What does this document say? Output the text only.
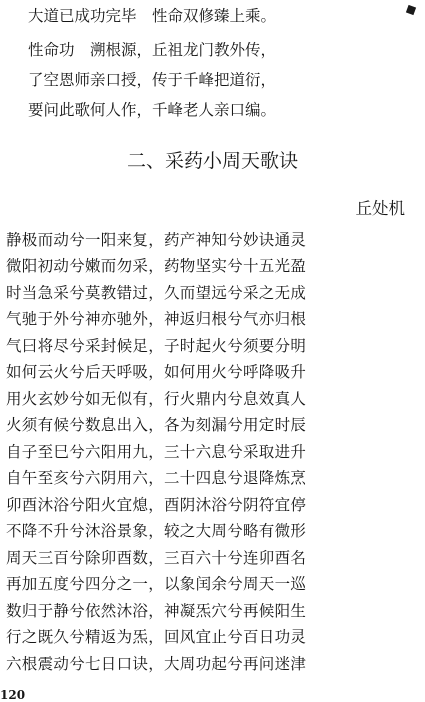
大道已成功完毕　性命双修臻上乘。
性命功　溯根源，丘祖龙门教外传，
了空恩师亲口授，传于千峰把道衍，
要问此歌何人作，千峰老人亲口编。
二、采药小周天歌诀
丘处机
静极而动兮一阳来复，药产神知兮妙诀通灵
微阳初动兮嫩而勿采，药物坚实兮十五光盈
时当急采兮莫教错过，久而望远兮采之无成
气驰于外兮神亦驰外，神返归根兮气亦归根
气曰将尽兮采封候足，子时起火兮须要分明
如何云火兮后天呼吸，如何用火兮呼降吸升
用火玄妙兮如无似有，行火鼎内兮息效真人
火须有候兮数息出入，各为刻漏兮用定时辰
自子至巳兮六阳用九，三十六息兮采取进升
自午至亥兮六阴用六，二十四息兮退降炼烹
卯酉沐浴兮阳火宜熄，酉阴沐浴兮阴符宜停
不降不升兮沐浴景象，较之大周兮略有微形
周天三百兮除卯酉数，三百六十兮连卯酉名
再加五度兮四分之一，以象闰余兮周天一巡
数归于静兮依然沐浴，神凝炁穴兮再候阳生
行之既久兮精返为炁，回风宜止兮百日功灵
六根震动兮七日口诀，大周功起兮再问迷津
120
